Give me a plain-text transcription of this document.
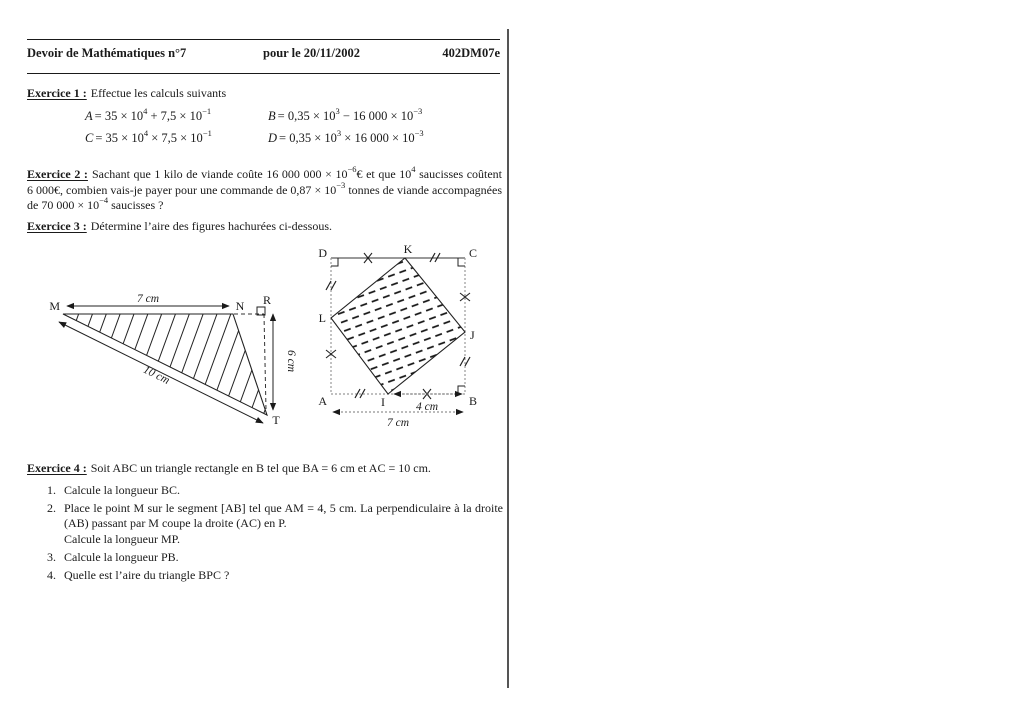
Devoir de Mathématiques n°7	pour le 20/11/2002	402DM07e
Exercice 1 : Effectue les calculs suivants
$A = 35 \times 10^4 + 7,5 \times 10^{-1}$	$B = 0,35 \times 10^3 - 16$ $000 \times 10^{-3}$
$C = 35 \times 10^4 \times 7,5 \times 10^{-1}$	$D = 0,35 \times 10^3 \times 16$ $000 \times 10^{-3}$
Exercice 2 : Sachant que 1 kilo de viande coûte 16 000 $000 \times 10^{-6}€$ et que $10^4$ saucisses coûtent 6 000€, combien vais-je payer pour une commande de $0,87 \times 10^{-3}$ tonnes de viande accompagnées de 70 $000 \times 10^{-4}$ saucisses ?
Exercice 3 : Détermine l’aire des figures hachurées ci-dessous.
7 cm
6 cm
10 cm
M	N R
T
4 cm
7 cm
D	K	C
L
J
A	I	B

Exercice 4 : Soit ABC un triangle rectangle en B tel que BA = 6 cm et AC = 10 cm.

1. Calcule la longueur BC.
2. Place le point M sur le segment [AB] tel que AM = 4, 5 cm. La perpendiculaire à la droite (AB) passant par M coupe la droite (AC) en P.
Calcule la longueur MP.
3. Calcule la longueur PB.
4. Quelle est l’aire du triangle BPC ?
